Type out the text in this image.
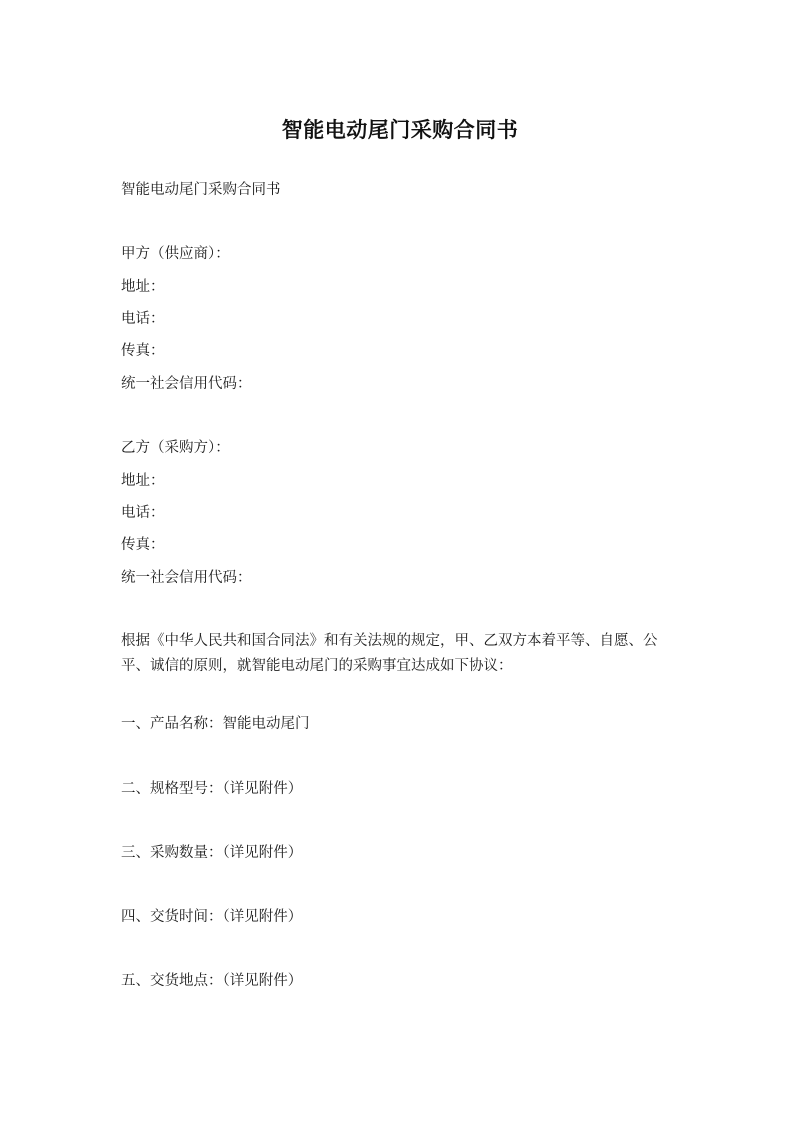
智能电动尾门采购合同书
智能电动尾门采购合同书
甲方（供应商）：
地址：
电话：
传真：
统一社会信用代码：
乙方（采购方）：
地址：
电话：
传真：
统一社会信用代码：
根据《中华人民共和国合同法》和有关法规的规定，甲、乙双方本着平等、自愿、公平、诚信的原则，就智能电动尾门的采购事宜达成如下协议：
一、产品名称：智能电动尾门
二、规格型号：（详见附件）
三、采购数量：（详见附件）
四、交货时间：（详见附件）
五、交货地点：（详见附件）
